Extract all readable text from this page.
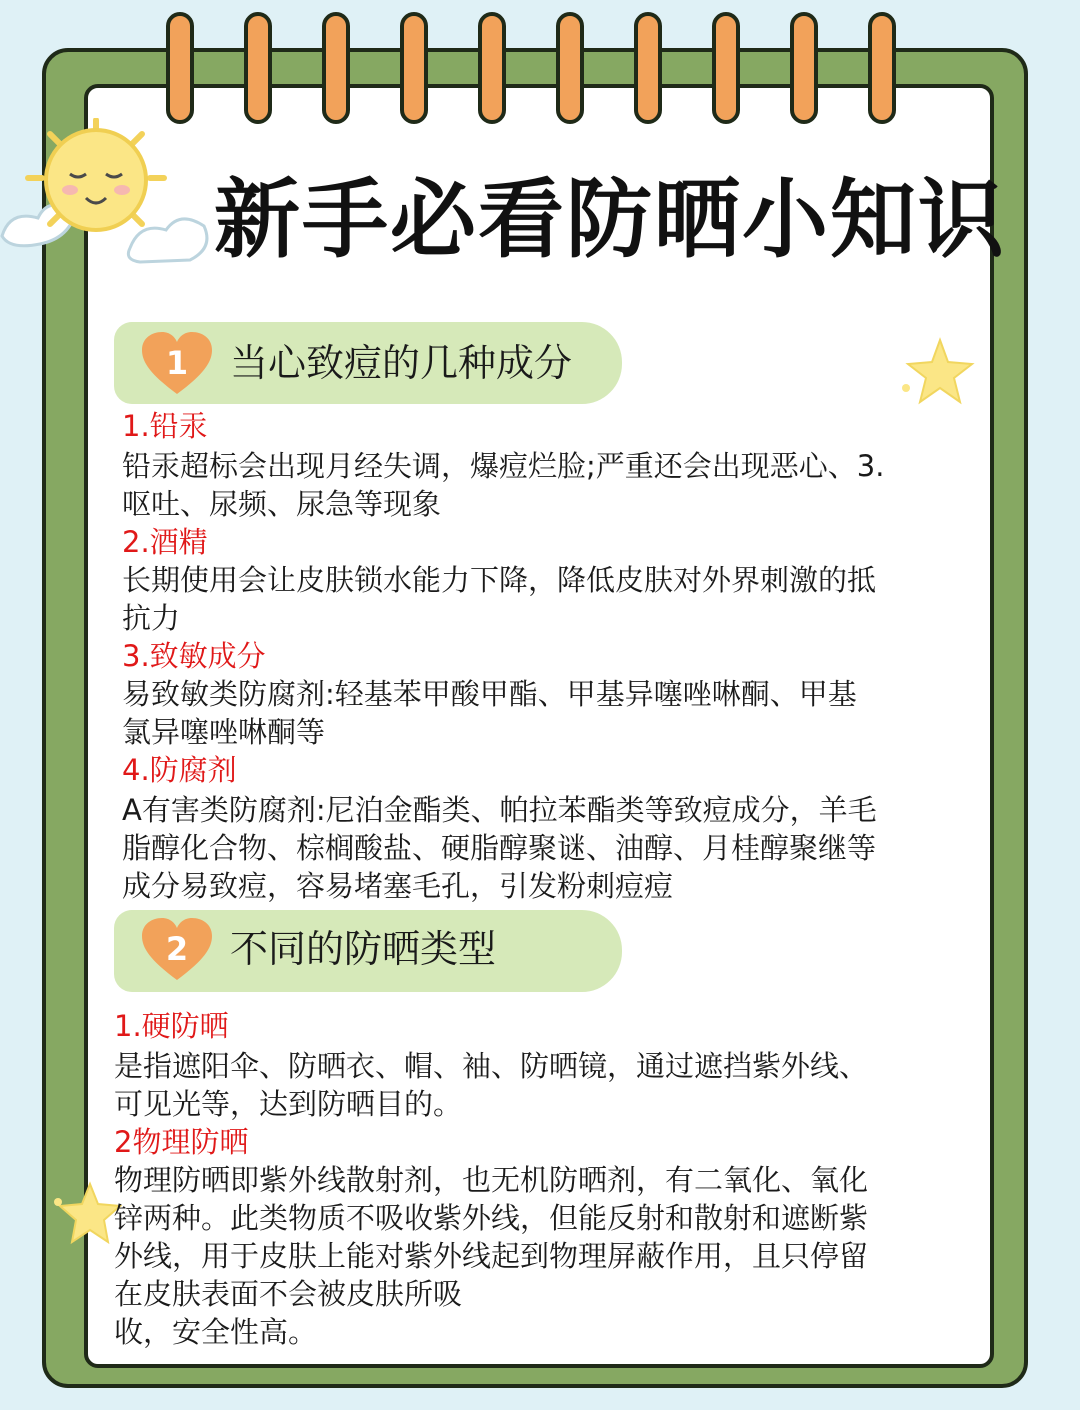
新手必看防晒小知识
1 当心致痘的几种成分
1.铅汞
铅汞超标会出现月经失调，爆痘烂脸;严重还会出现恶心、3.
呕吐、尿频、尿急等现象
2.酒精
长期使用会让皮肤锁水能力下降，降低皮肤对外界刺激的抵
抗力
3.致敏成分
易致敏类防腐剂:轻基苯甲酸甲酯、甲基异噻唑啉酮、甲基
氯异噻唑啉酮等
4.防腐剂
A有害类防腐剂:尼泊金酯类、帕拉苯酯类等致痘成分，羊毛
脂醇化合物、棕榈酸盐、硬脂醇聚谜、油醇、月桂醇聚继等
成分易致痘，容易堵塞毛孔，引发粉刺痘痘
2 不同的防晒类型
1.硬防晒
是指遮阳伞、防晒衣、帽、袖、防晒镜，通过遮挡紫外线、
可见光等，达到防晒目的。
2物理防晒
物理防晒即紫外线散射剂，也无机防晒剂，有二氧化、氧化
锌两种。此类物质不吸收紫外线，但能反射和散射和遮断紫
外线，用于皮肤上能对紫外线起到物理屏蔽作用，且只停留
在皮肤表面不会被皮肤所吸
收，安全性高。
